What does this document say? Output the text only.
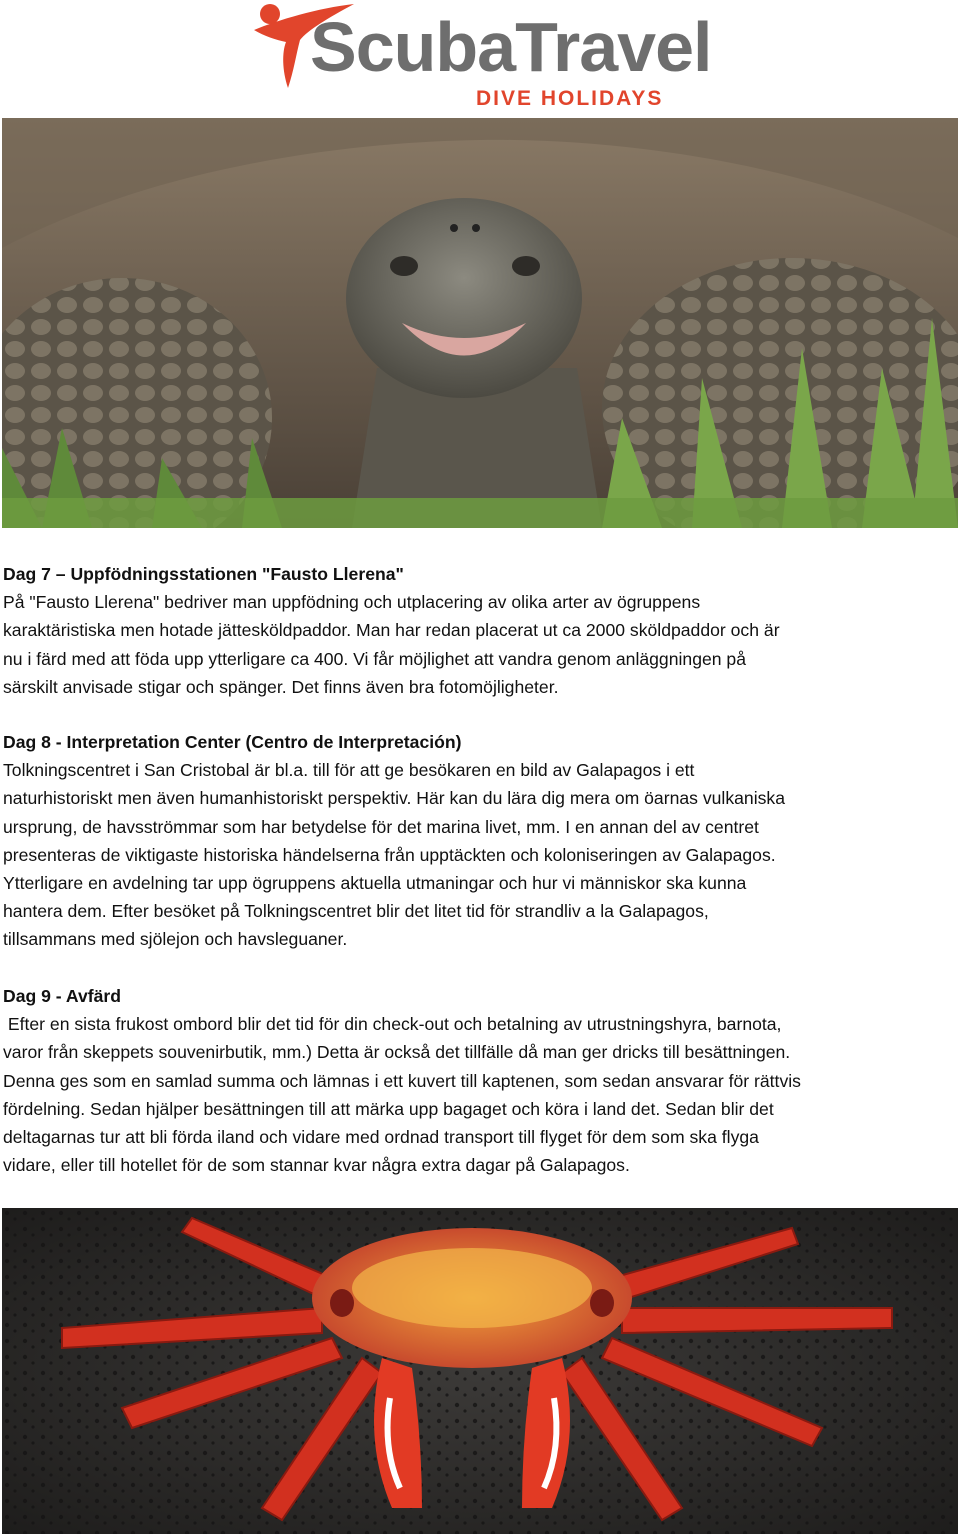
ScubaTravel
DIVE HOLIDAYS
Dag 7 – Uppfödningsstationen "Fausto Llerena"

På "Fausto Llerena" bedriver man uppfödning och utplacering av olika arter av ögruppens

karaktäristiska men hotade jättesköldpaddor. Man har redan placerat ut ca 2000 sköldpaddor och är

nu i färd med att föda upp ytterligare ca 400. Vi får möjlighet att vandra genom anläggningen på

särskilt anvisade stigar och spänger. Det finns även bra fotomöjligheter.

Dag 8 - Interpretation Center (Centro de Interpretación)

Tolkningscentret i San Cristobal är bl.a. till för att ge besökaren en bild av Galapagos i ett

naturhistoriskt men även humanhistoriskt perspektiv. Här kan du lära dig mera om öarnas vulkaniska

ursprung, de havsströmmar som har betydelse för det marina livet, mm. I en annan del av centret

presenteras de viktigaste historiska händelserna från upptäckten och koloniseringen av Galapagos.

Ytterligare en avdelning tar upp ögruppens aktuella utmaningar och hur vi människor ska kunna

hantera dem. Efter besöket på Tolkningscentret blir det litet tid för strandliv a la Galapagos,

tillsammans med sjölejon och havsleguaner.

Dag 9 - Avfärd

Efter en sista frukost ombord blir det tid för din check-out och betalning av utrustningshyra, barnota,

varor från skeppets souvenirbutik, mm.) Detta är också det tillfälle då man ger dricks till besättningen.

Denna ges som en samlad summa och lämnas i ett kuvert till kaptenen, som sedan ansvarar för rättvis

fördelning. Sedan hjälper besättningen till att märka upp bagaget och köra i land det. Sedan blir det

deltagarnas tur att bli förda iland och vidare med ordnad transport till flyget för dem som ska flyga

vidare, eller till hotellet för de som stannar kvar några extra dagar på Galapagos.
